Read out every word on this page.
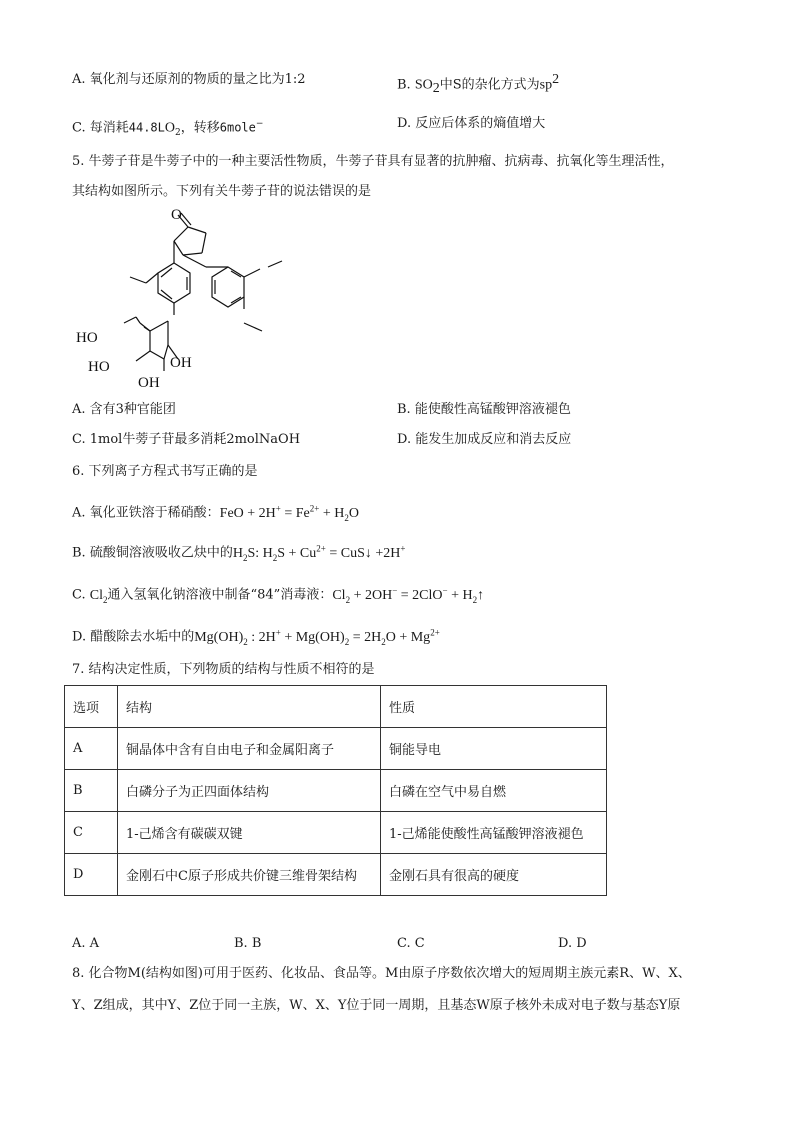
A. 氧化剂与还原剂的物质的量之比为1:2	B. $SO_2$中S的杂化方式为$sp^2$
C. 每消耗$44.8LO_2$，转移6mole−	D. 反应后体系的熵值增大
5. 牛蒡子苷是牛蒡子中的一种主要活性物质，牛蒡子苷具有显著的抗肿瘤、抗病毒、抗氧化等生理活性，
其结构如图所示。下列有关牛蒡子苷的说法错误的是
O
HO
HO	OH
OH
A. 含有3种官能团	B. 能使酸性高锰酸钾溶液褪色
C. 1mol牛蒡子苷最多消耗2molNaOH	D. 能发生加成反应和消去反应
6. 下列离子方程式书写正确的是
A. 氧化亚铁溶于稀硝酸：FeO + $2H^+ = Fe^{2+} + H_2O$
B. 硫酸铜溶液吸收乙炔中的$H_2S$: $H_2S + Cu^{2+}$ = CuS↓ +2H+
C. $Cl_2$通入氢氧化钠溶液中制备“84”消毒液：$Cl_2 + 2OH^- = 2ClO^-$ + $H_2↑$
D. 醋酸除去水垢中的$Mg(OH)_2$ : $2H^+ + Mg(OH)_2 = 2H_2O + Mg^{2+}$
7. 结构决定性质，下列物质的结构与性质不相符的是
选项	结构	性质
A	铜晶体中含有自由电子和金属阳离子	铜能导电
B	白磷分子为正四面体结构	白磷在空气中易自燃
C	1-己烯含有碳碳双键	1-己烯能使酸性高锰酸钾溶液褪色
D	金刚石中C原子形成共价键三维骨架结构	金刚石具有很高的硬度
A. A	B. B	C. C	D. D
8. 化合物M(结构如图)可用于医药、化妆品、食品等。M由原子序数依次增大的短周期主族元素R、W、X、
Y、Z组成，其中Y、Z位于同一主族，W、X、Y位于同一周期，且基态W原子核外未成对电子数与基态Y原
